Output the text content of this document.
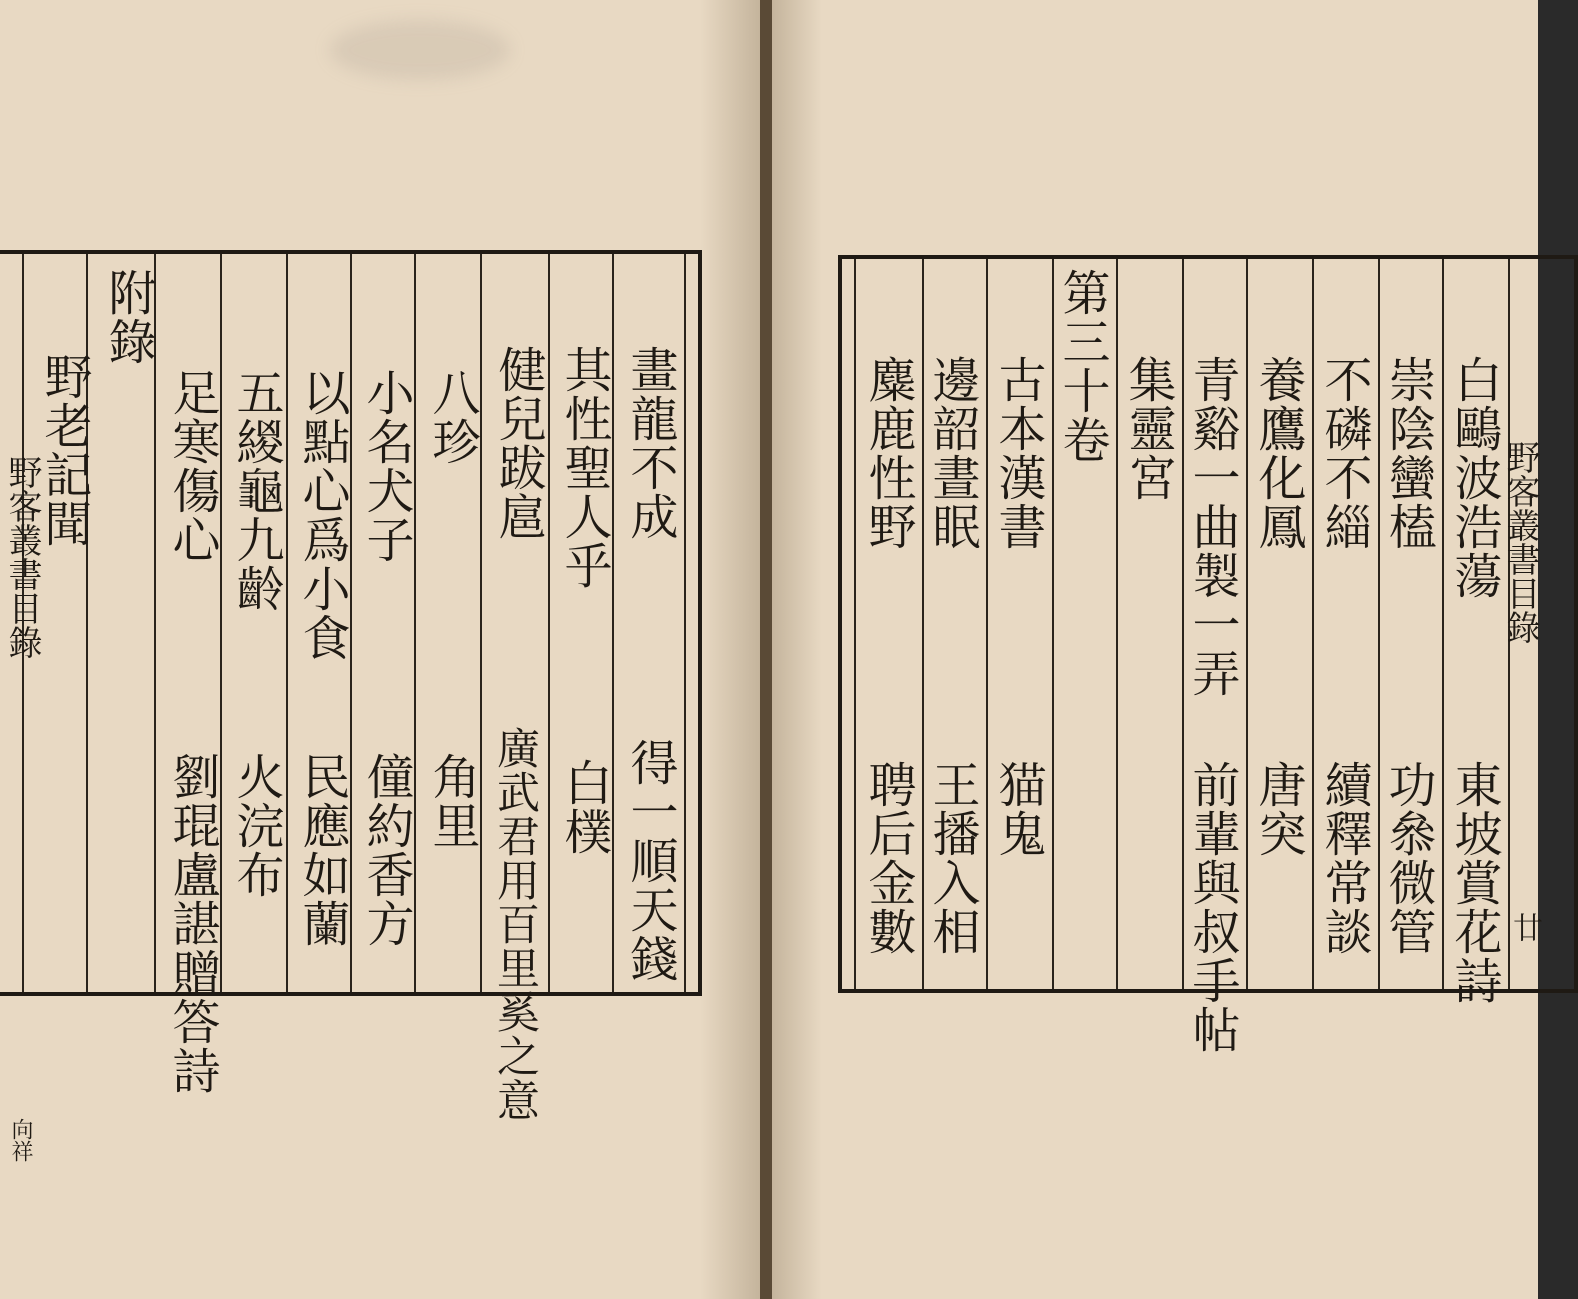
野客叢書目錄
向祥
畫龍不成
得一順天錢
其性聖人乎
白樸
健兒跋扈
廣武君用百里奚之意
八珍
角里
小名犬子
僮約香方
以點心爲小食
民應如蘭
五緵龜九齡
火浣布
足寒傷心
劉琨盧諶贈答詩
附錄
野老記聞	野客叢書目錄
廿
白鷗波浩蕩
東坡賞花詩
崇陰蠻榼
功叅微管
不磷不緇
續釋常談
養鷹化鳳
唐突
青谿一曲製一弄
前輩與叔手帖
集靈宮
第三十卷
古本漢書
猫鬼
邊韶晝眠
王播入相
麋鹿性野
聘后金數
